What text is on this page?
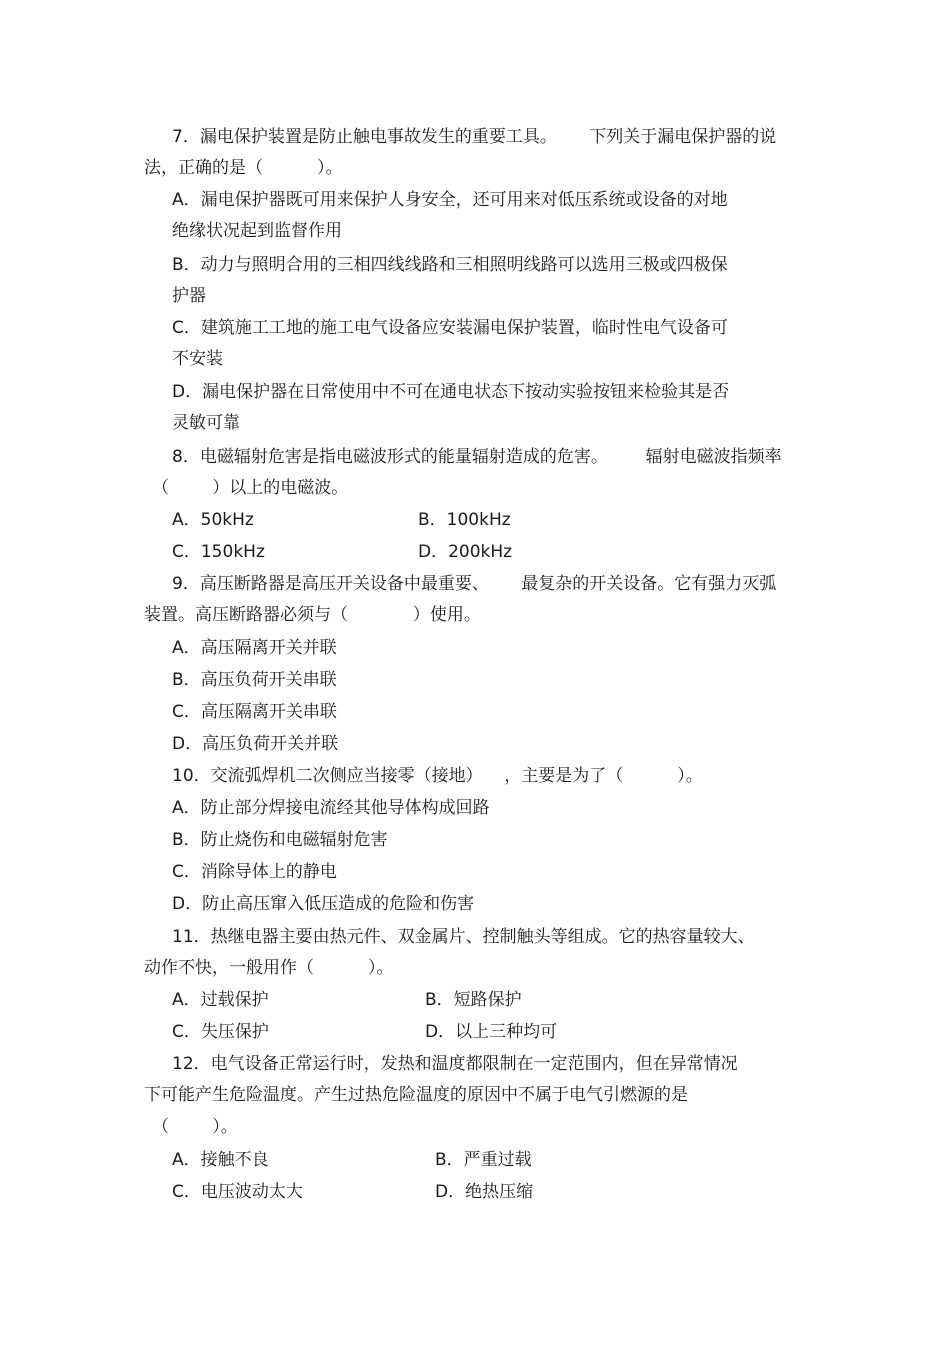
7．漏电保护装置是防止触电事故发生的重要工具。      下列关于漏电保护器的说
法，正确的是（          ）。
A．漏电保护器既可用来保护人身安全，还可用来对低压系统或设备的对地
绝缘状况起到监督作用
B．动力与照明合用的三相四线线路和三相照明线路可以选用三极或四极保
护器
C．建筑施工工地的施工电气设备应安装漏电保护装置，临时性电气设备可
不安装
D．漏电保护器在日常使用中不可在通电状态下按动实验按钮来检验其是否
灵敏可靠
8．电磁辐射危害是指电磁波形式的能量辐射造成的危害。       辐射电磁波指频率
（        ）以上的电磁波。
A．50kHz	B．100kHz
C．150kHz	D．200kHz
9．高压断路器是高压开关设备中最重要、      最复杂的开关设备。它有强力灭弧
装置。高压断路器必须与（            ）使用。
A．高压隔离开关并联
B．高压负荷开关串联
C．高压隔离开关串联
D．高压负荷开关并联
10．交流弧焊机二次侧应当接零（接地）    ，主要是为了（          ）。
A．防止部分焊接电流经其他导体构成回路
B．防止烧伤和电磁辐射危害
C．消除导体上的静电
D．防止高压窜入低压造成的危险和伤害
11．热继电器主要由热元件、双金属片、控制触头等组成。它的热容量较大、
动作不快，一般用作（          ）。
A．过载保护	B．短路保护
C．失压保护	D．以上三种均可
12．电气设备正常运行时，发热和温度都限制在一定范围内，但在异常情况
下可能产生危险温度。产生过热危险温度的原因中不属于电气引燃源的是
（        ）。
A．接触不良	B．严重过载
C．电压波动太大	D．绝热压缩
